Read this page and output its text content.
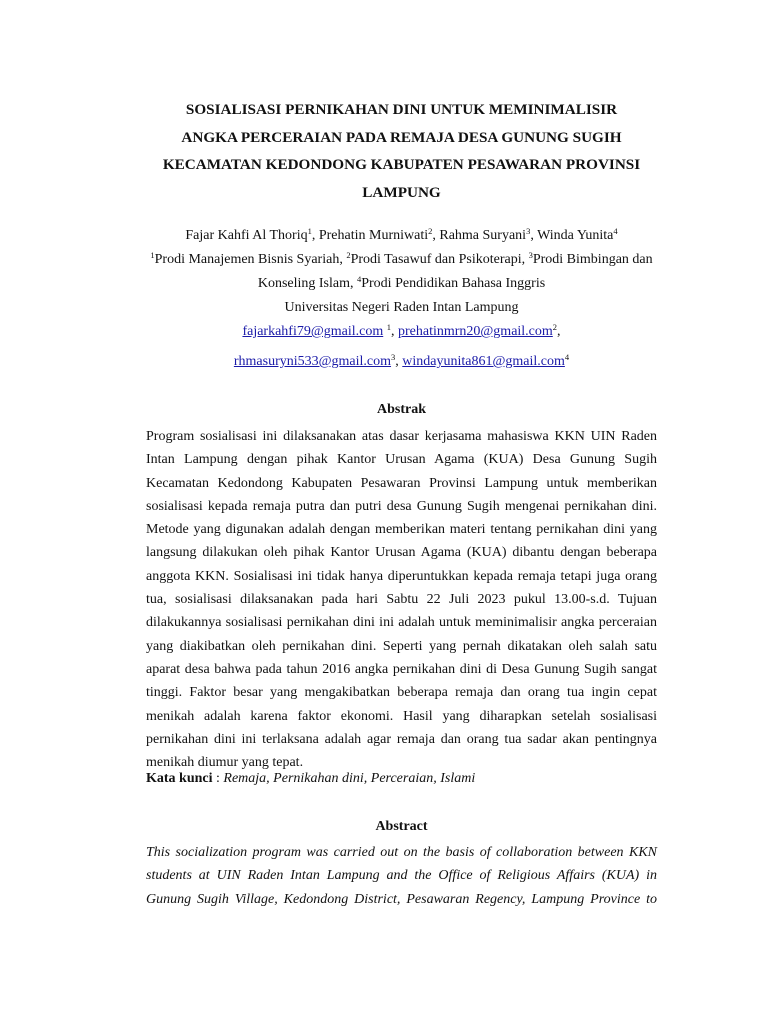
SOSIALISASI PERNIKAHAN DINI UNTUK MEMINIMALISIR
ANGKA PERCERAIAN PADA REMAJA DESA GUNUNG SUGIH
KECAMATAN KEDONDONG KABUPATEN PESAWARAN PROVINSI
LAMPUNG
Fajar Kahfi Al Thoriq$^1$, Prehatin Murniwati$^2$, Rahma Suryani$^3$, Winda Yunita$^4$
$^1$Prodi Manajemen Bisnis Syariah, $^2$Prodi Tasawuf dan Psikoterapi, $^3$Prodi Bimbingan dan
Konseling Islam, $^4$Prodi Pendidikan Bahasa Inggris
Universitas Negeri Raden Intan Lampung
fajarkahfi79@gmail.com $^1$, prehatinmrn20@gmail.com$^2$,
rhmasuryni533@gmail.com$^3$, windayunita861@gmail.com$^4$
Abstrak
Program sosialisasi ini dilaksanakan atas dasar kerjasama mahasiswa KKN UIN Raden
Intan Lampung dengan pihak Kantor Urusan Agama (KUA) Desa Gunung Sugih
Kecamatan Kedondong Kabupaten Pesawaran Provinsi Lampung untuk memberikan
sosialisasi kepada remaja putra dan putri desa Gunung Sugih mengenai pernikahan dini.
Metode yang digunakan adalah dengan memberikan materi tentang pernikahan dini yang
langsung dilakukan oleh pihak Kantor Urusan Agama (KUA) dibantu dengan beberapa
anggota KKN. Sosialisasi ini tidak hanya diperuntukkan kepada remaja tetapi juga orang
tua, sosialisasi dilaksanakan pada hari Sabtu 22 Juli 2023 pukul 13.00-s.d. Tujuan
dilakukannya sosialisasi pernikahan dini ini adalah untuk meminimalisir angka perceraian
yang diakibatkan oleh pernikahan dini. Seperti yang pernah dikatakan oleh salah satu
aparat desa bahwa pada tahun 2016 angka pernikahan dini di Desa Gunung Sugih sangat
tinggi. Faktor besar yang mengakibatkan beberapa remaja dan orang tua ingin cepat
menikah adalah karena faktor ekonomi. Hasil yang diharapkan setelah sosialisasi
pernikahan dini ini terlaksana adalah agar remaja dan orang tua sadar akan pentingnya
menikah diumur yang tepat.
Kata kunci : Remaja, Pernikahan dini, Perceraian, Islami
Abstract
This socialization program was carried out on the basis of collaboration between KKN
students at UIN Raden Intan Lampung and the Office of Religious Affairs (KUA) in
Gunung Sugih Village, Kedondong District, Pesawaran Regency, Lampung Province to
